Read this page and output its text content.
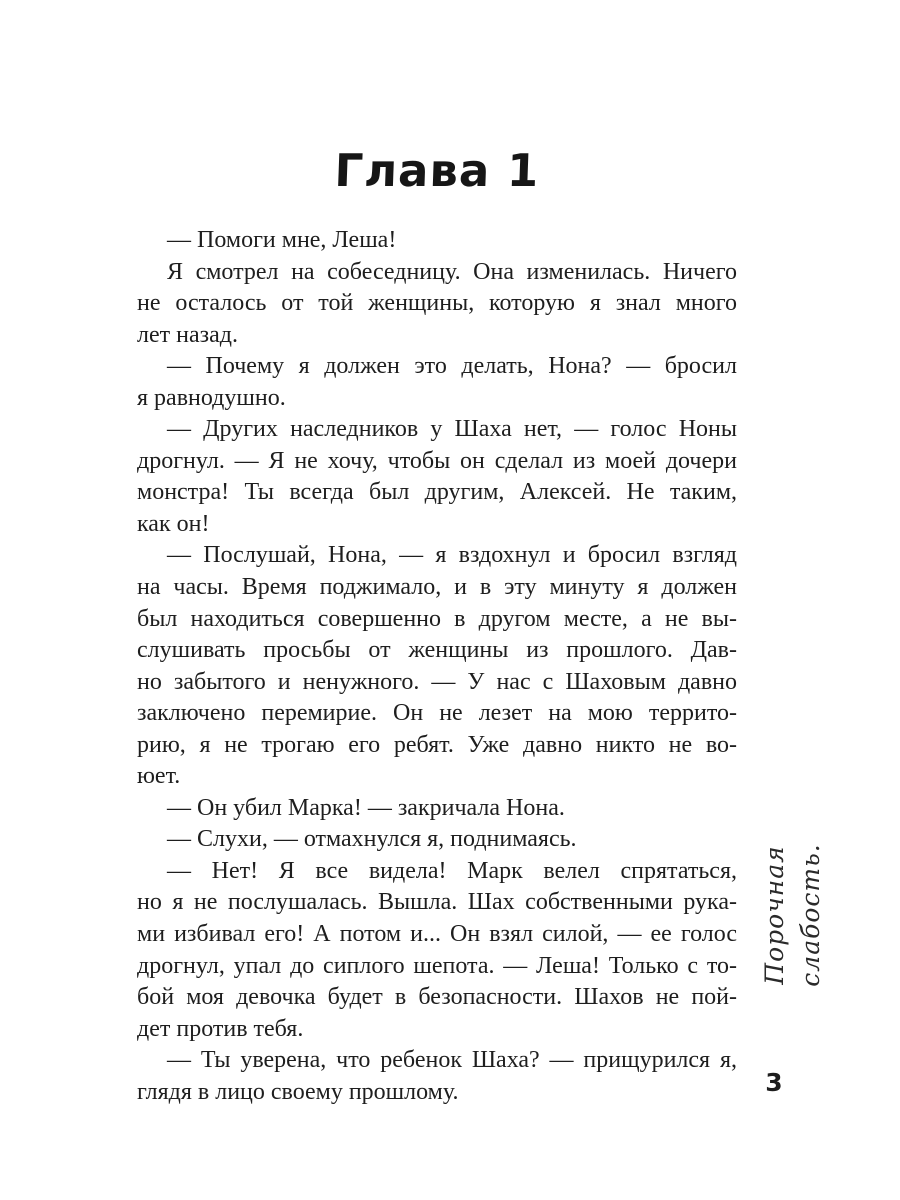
Глава 1
— Помоги мне, Леша!
Я смотрел на собеседницу. Она изменилась. Ничего
не осталось от той женщины, которую я знал много
лет назад.
— Почему я должен это делать, Нона? — бросил
я равнодушно.
— Других наследников у Шаха нет, — голос Ноны
дрогнул. — Я не хочу, чтобы он сделал из моей дочери
монстра! Ты всегда был другим, Алексей. Не таким,
как он!
— Послушай, Нона, — я вздохнул и бросил взгляд
на часы. Время поджимало, и в эту минуту я должен
был находиться совершенно в другом месте, а не вы-
слушивать просьбы от женщины из прошлого. Дав-
но забытого и ненужного. — У нас с Шаховым давно
заключено перемирие. Он не лезет на мою террито-
рию, я не трогаю его ребят. Уже давно никто не во-
юет.
— Он убил Марка! — закричала Нона.
— Слухи, — отмахнулся я, поднимаясь.
— Нет! Я все видела! Марк велел спрятаться,
но я не послушалась. Вышла. Шах собственными рука-
ми избивал его! А потом и... Он взял силой, — ее голос
дрогнул, упал до сиплого шепота. — Леша! Только с то-
бой моя девочка будет в безопасности. Шахов не пой-
дет против тебя.
— Ты уверена, что ребенок Шаха? — прищурился я,
глядя в лицо своему прошлому.
Порочная слабость.
3
